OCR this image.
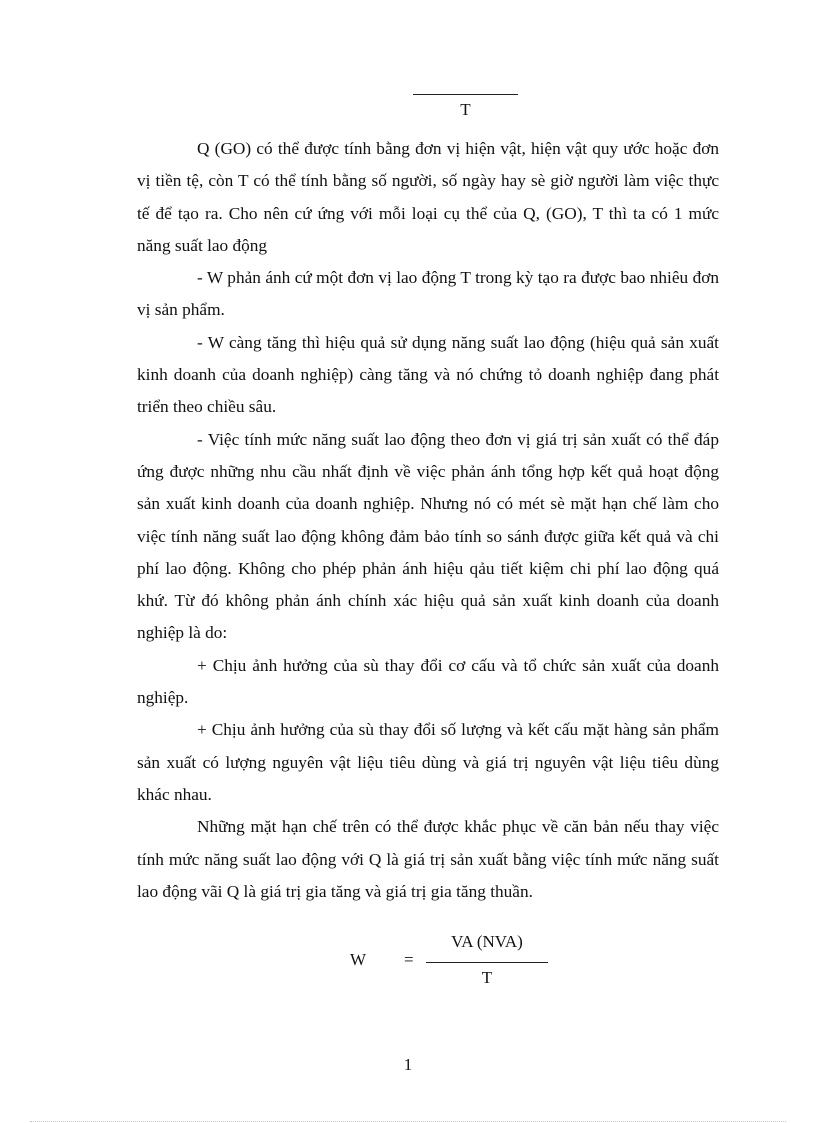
T

Q (GO) có thể được tính bằng đơn vị hiện vật, hiện vật quy ước hoặc đơn vị tiền tệ, còn T có thể tính bằng số người, số ngày hay sè giờ người làm việc thực tế để tạo ra. Cho nên cứ ứng với mỗi loại cụ thể của Q, (GO), T thì ta có 1 mức năng suất lao động

- W phản ánh cứ một đơn vị lao động T trong kỳ tạo ra được bao nhiêu đơn vị sản phẩm.

- W càng tăng thì hiệu quả sử dụng năng suất lao động (hiệu quả sản xuất kinh doanh của doanh nghiệp) càng tăng và nó chứng tỏ doanh nghiệp đang phát triển theo chiều sâu.

- Việc tính mức năng suất lao động theo đơn vị giá trị sản xuất có thể đáp ứng được những nhu cầu nhất định về việc phản ánh tổng hợp kết quả hoạt động sản xuất kinh doanh của doanh nghiệp. Nhưng nó có mét sè mặt hạn chế làm cho việc tính năng suất lao động không đảm bảo tính so sánh được giữa kết quả và chi phí lao động. Không cho phép phản ánh hiệu qảu tiết kiệm chi phí lao động quá khứ. Từ đó không phản ánh chính xác hiệu quả sản xuất kinh doanh của doanh nghiệp là do:

+ Chịu ảnh hưởng của sù thay đổi cơ cấu và tổ chức sản xuất của doanh nghiệp.

+ Chịu ảnh hưởng của sù thay đổi số lượng và kết cấu mặt hàng sản phẩm sản xuất có lượng nguyên vật liệu tiêu dùng và giá trị nguyên vật liệu tiêu dùng khác nhau.

Những mặt hạn chế trên có thể được khắc phục về căn bản nếu thay việc tính mức năng suất lao động với Q là giá trị sản xuất bằng việc tính mức năng suất lao động vãi Q là giá trị gia tăng và giá trị gia tăng thuần.

W =
VA (NVA)
T
1
